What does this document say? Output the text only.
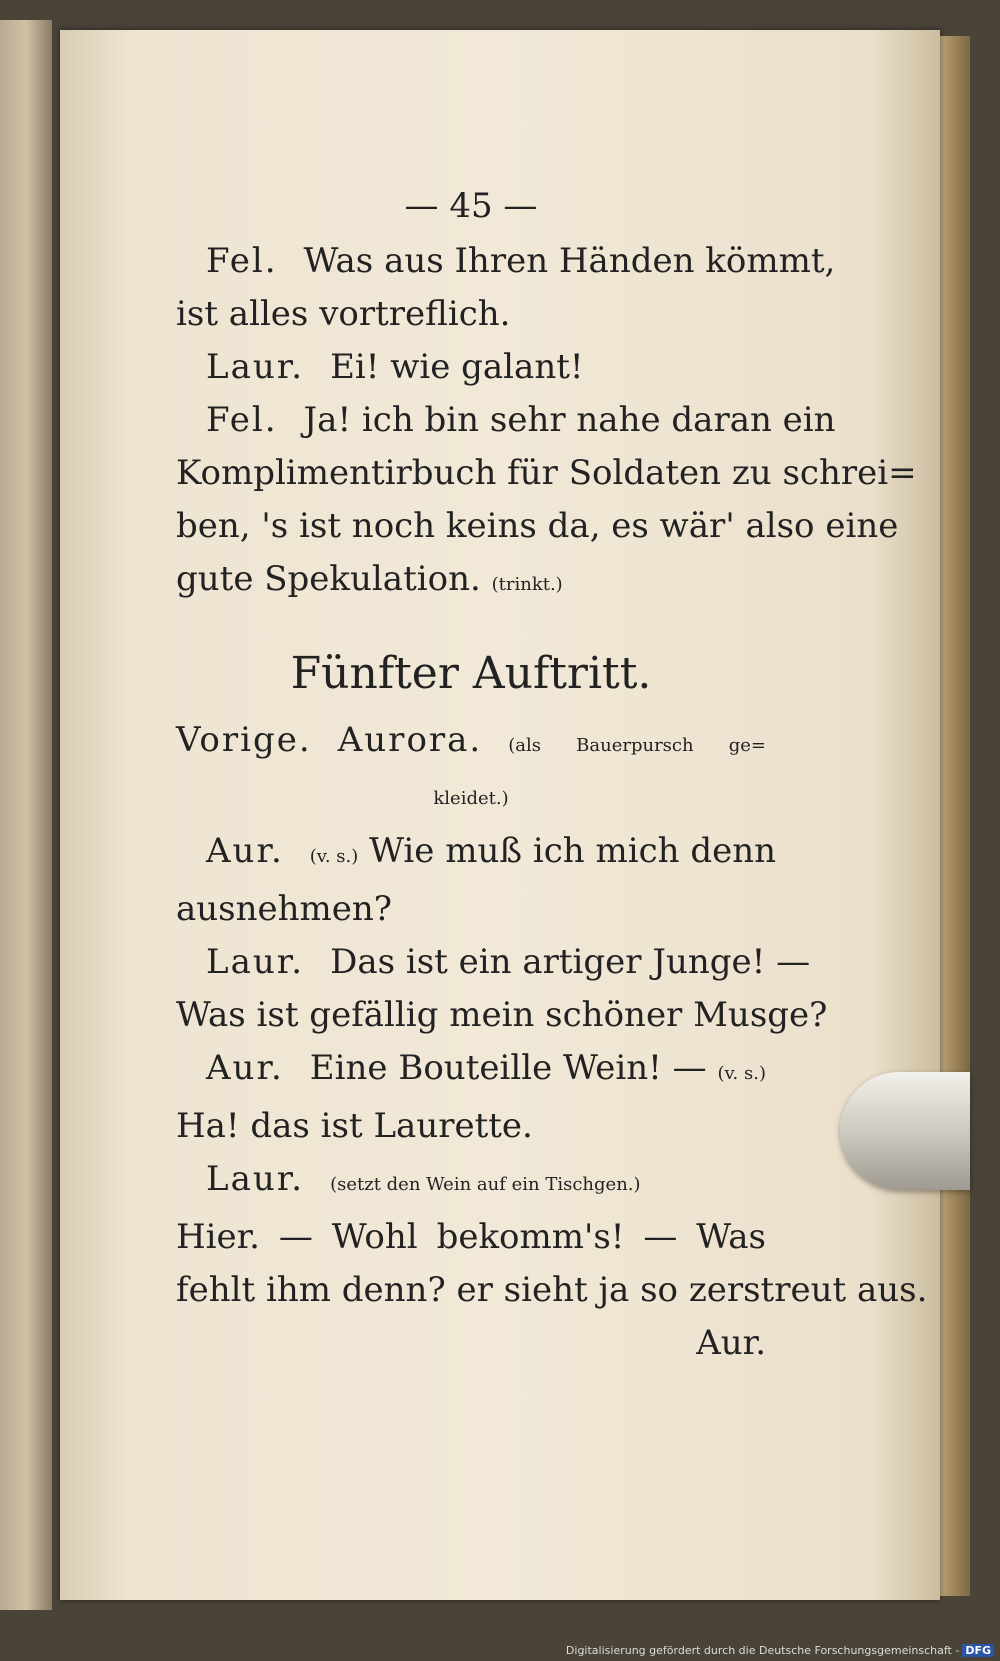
— 45 —
Fel. Was aus Ihren Händen kömmt,
ist alles vortreflich.
Laur. Ei! wie galant!
Fel. Ja! ich bin sehr nahe daran ein
Komplimentirbuch für Soldaten zu schrei=
ben, 's ist noch keins da, es wär' also eine
gute Spekulation. (trinkt.)
Fünfter Auftritt.
Vorige. Aurora. (als Bauerpursch ge=
kleidet.)
Aur. (v. s.) Wie muß ich mich denn
ausnehmen?
Laur. Das ist ein artiger Junge! —
Was ist gefällig mein schöner Musge?
Aur. Eine Bouteille Wein! — (v. s.)
Ha! das ist Laurette.
Laur. (setzt den Wein auf ein Tischgen.)
Hier. — Wohl bekomm's! — Was
fehlt ihm denn? er sieht ja so zerstreut aus.
Aur.
Digitalisierung gefördert durch die Deutsche Forschungsgemeinschaft - DFG
